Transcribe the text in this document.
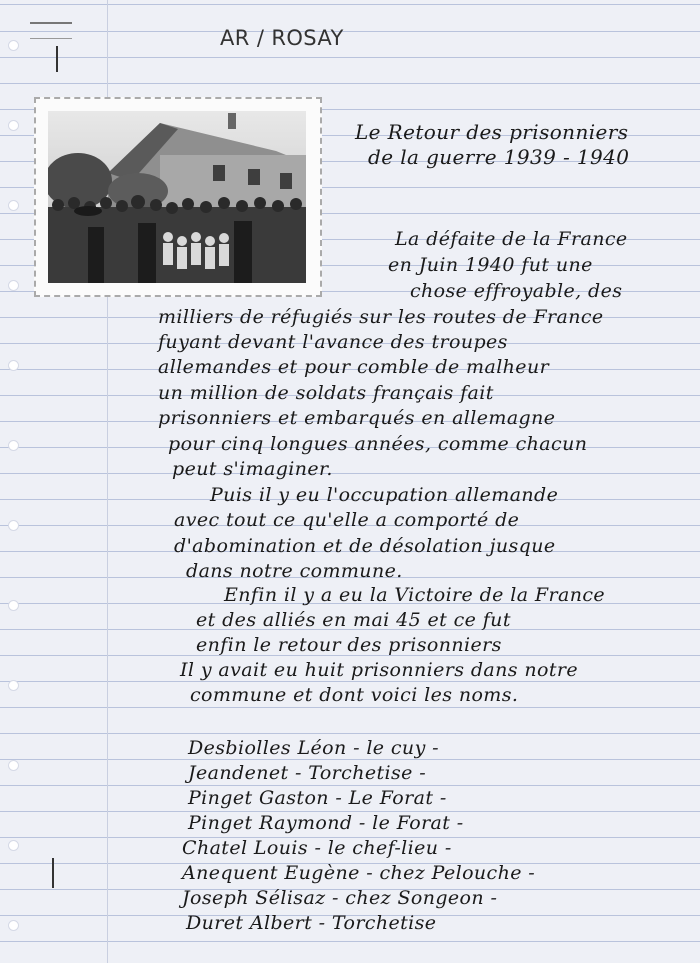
AR / ROSAY
Le Retour des prisonniers
de la guerre 1939 - 1940
La défaite de la France
en Juin 1940 fut une
chose effroyable, des
milliers de réfugiés sur les routes de France
fuyant devant l'avance des troupes
allemandes et pour comble de malheur
un million de soldats français fait
prisonniers et embarqués en allemagne
pour cinq longues années, comme chacun
peut s'imaginer.
Puis il y eu l'occupation allemande
avec tout ce qu'elle a comporté de
d'abomination et de désolation jusque
dans notre commune.
Enfin il y a eu la Victoire de la France
et des alliés en mai 45 et ce fut
enfin le retour des prisonniers
Il y avait eu huit prisonniers dans notre
commune et dont voici les noms.
Desbiolles Léon - le cuy -
Jeandenet - Torchetise -
Pinget Gaston - Le Forat -
Pinget Raymond - le Forat -
Chatel Louis - le chef-lieu -
Anequent Eugène - chez Pelouche -
Joseph Sélisaz - chez Songeon -
Duret Albert - Torchetise
